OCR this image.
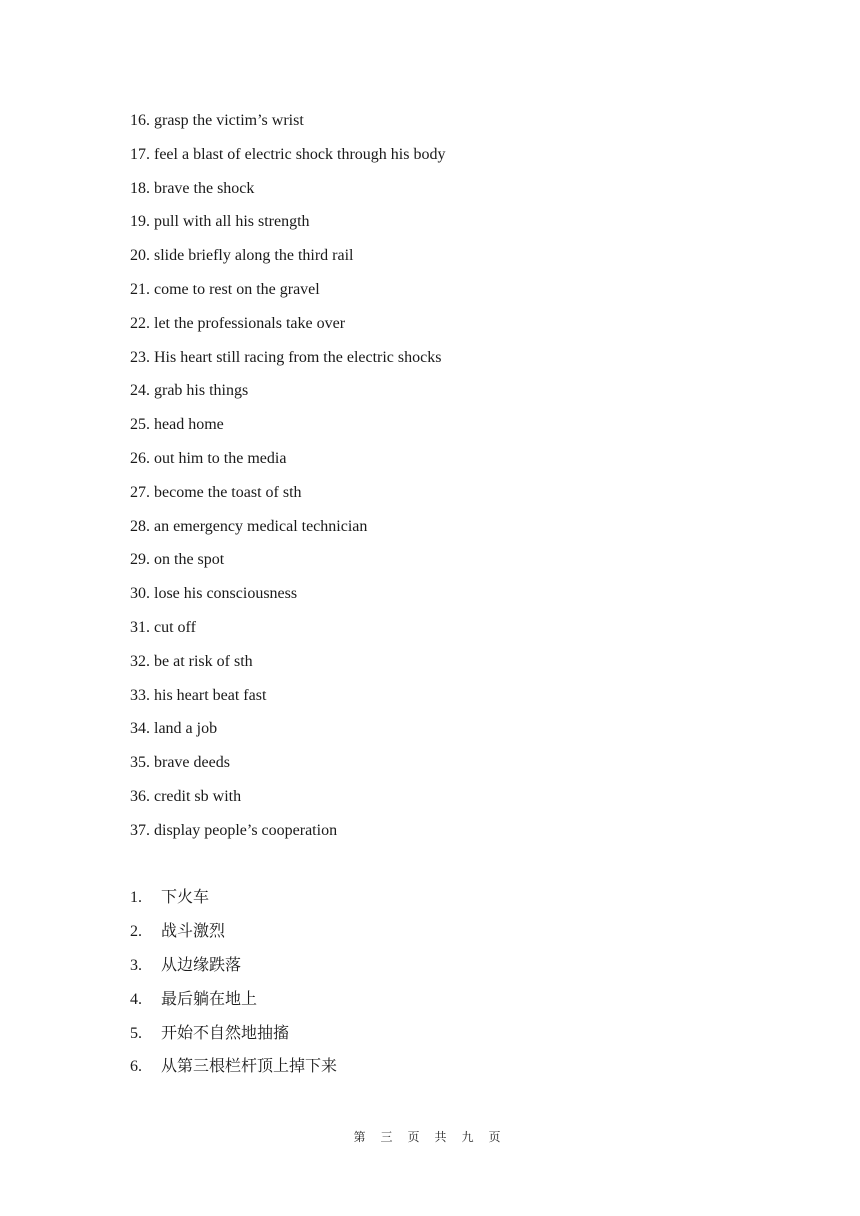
16. grasp the victim’s wrist
17. feel a blast of electric shock through his body
18. brave the shock
19. pull with all his strength
20. slide briefly along the third rail
21. come to rest on the gravel
22. let the professionals take over
23. His heart still racing from the electric shocks
24. grab his things
25. head home
26. out him to the media
27. become the toast of sth
28. an emergency medical technician
29. on the spot
30. lose his consciousness
31. cut off
32. be at risk of sth
33. his heart beat fast
34. land a job
35. brave deeds
36. credit sb with
37. display people’s cooperation
1. 下火车
2. 战斗激烈
3. 从边缘跌落
4. 最后躺在地上
5. 开始不自然地抽搐
6. 从第三根栏杆顶上掉下来
第 三 页 共 九 页
